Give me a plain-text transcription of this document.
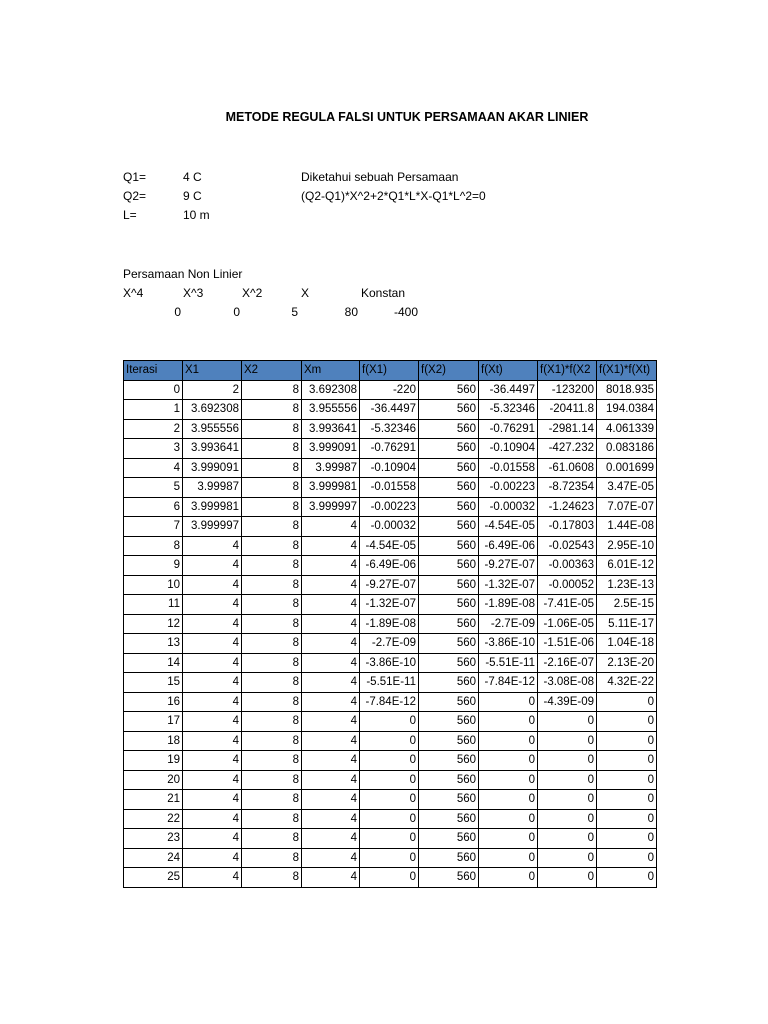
METODE REGULA FALSI UNTUK PERSAMAAN AKAR LINIER
Q1=	4 C
Q2=	9 C
L=	10 m
Diketahui sebuah Persamaan
(Q2-Q1)*X^2+2*Q1*L*X-Q1*L^2=0
Persamaan Non Linier
X^4	X^3	X^2	X	Konstan
0	0	5	80	-400
Iterasi	X1	X2	Xm	f(X1)	f(X2)	f(Xt)	f(X1)*f(X2	f(X1)*f(Xt)
0	2	8	3.692308	-220	560	-36.4497	-123200	8018.935
1	3.692308	8	3.955556	-36.4497	560	-5.32346	-20411.8	194.0384
2	3.955556	8	3.993641	-5.32346	560	-0.76291	-2981.14	4.061339
3	3.993641	8	3.999091	-0.76291	560	-0.10904	-427.232	0.083186
4	3.999091	8	3.99987	-0.10904	560	-0.01558	-61.0608	0.001699
5	3.99987	8	3.999981	-0.01558	560	-0.00223	-8.72354	3.47E-05
6	3.999981	8	3.999997	-0.00223	560	-0.00032	-1.24623	7.07E-07
7	3.999997	8	4	-0.00032	560	-4.54E-05	-0.17803	1.44E-08
8	4	8	4	-4.54E-05	560	-6.49E-06	-0.02543	2.95E-10
9	4	8	4	-6.49E-06	560	-9.27E-07	-0.00363	6.01E-12
10	4	8	4	-9.27E-07	560	-1.32E-07	-0.00052	1.23E-13
11	4	8	4	-1.32E-07	560	-1.89E-08	-7.41E-05	2.5E-15
12	4	8	4	-1.89E-08	560	-2.7E-09	-1.06E-05	5.11E-17
13	4	8	4	-2.7E-09	560	-3.86E-10	-1.51E-06	1.04E-18
14	4	8	4	-3.86E-10	560	-5.51E-11	-2.16E-07	2.13E-20
15	4	8	4	-5.51E-11	560	-7.84E-12	-3.08E-08	4.32E-22
16	4	8	4	-7.84E-12	560	0	-4.39E-09	0
17	4	8	4	0	560	0	0	0
18	4	8	4	0	560	0	0	0
19	4	8	4	0	560	0	0	0
20	4	8	4	0	560	0	0	0
21	4	8	4	0	560	0	0	0
22	4	8	4	0	560	0	0	0
23	4	8	4	0	560	0	0	0
24	4	8	4	0	560	0	0	0
25	4	8	4	0	560	0	0	0
